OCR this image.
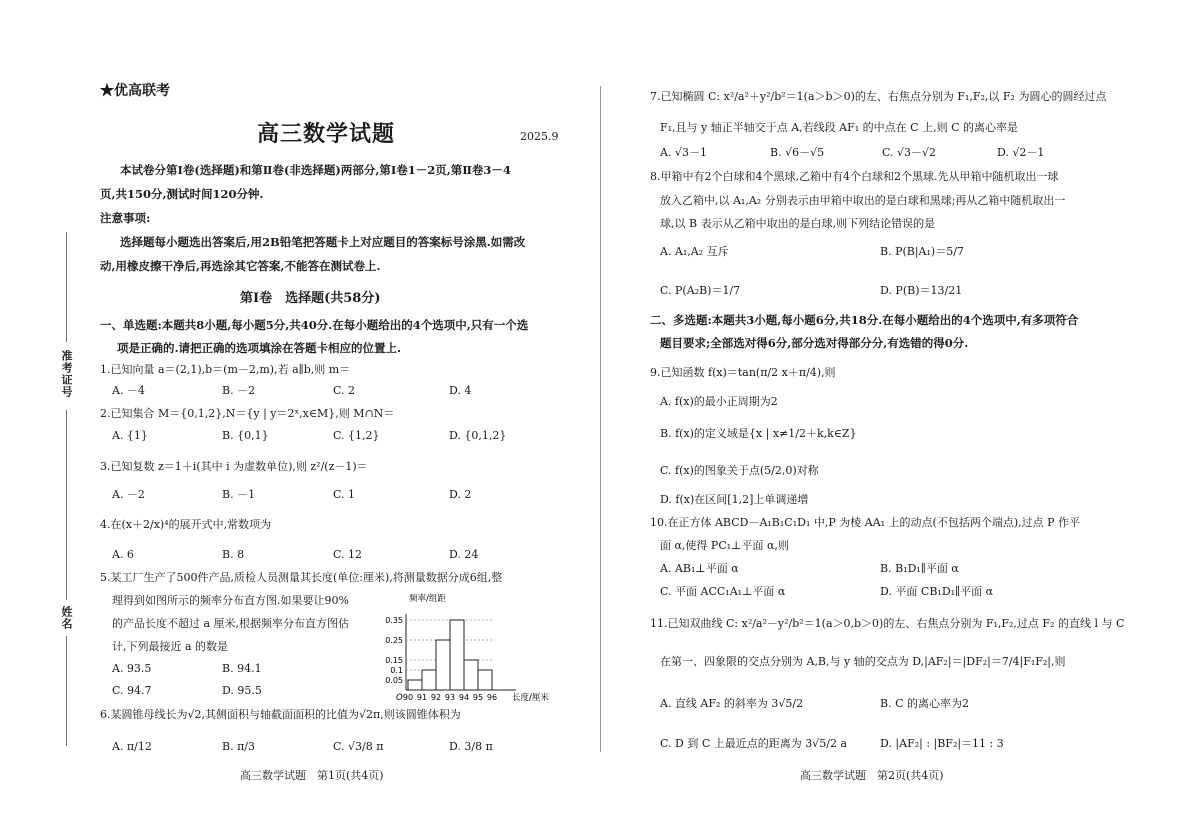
★优高联考
高三数学试题	2025.9
本试卷分第Ⅰ卷(选择题)和第Ⅱ卷(非选择题)两部分,第Ⅰ卷1－2页,第Ⅱ卷3－4
页,共150分,测试时间120分钟.
注意事项:
选择题每小题选出答案后,用2B铅笔把答题卡上对应题目的答案标号涂黑.如需改
动,用橡皮擦干净后,再选涂其它答案,不能答在测试卷上.
第Ⅰ卷　选择题(共58分)
一、单选题:本题共8小题,每小题5分,共40分.在每小题给出的4个选项中,只有一个选
项是正确的.请把正确的选项填涂在答题卡相应的位置上.
1.已知向量 a＝(2,1),b＝(m－2,m),若 a∥b,则 m＝
A. －4	B. －2	C. 2	D. 4
2.已知集合 M＝{0,1,2},N＝{y | y＝2ˣ,x∈M},则 M∩N＝
A. {1}	B. {0,1}	C. {1,2}	D. {0,1,2}
3.已知复数 z＝1＋i(其中 i 为虚数单位),则 z²/(z－1)＝
A. －2	B. －1	C. 1	D. 2
4.在(x＋2/x)⁴的展开式中,常数项为
A. 6	B. 8	C. 12	D. 24
5.某工厂生产了500件产品,质检人员测量其长度(单位:厘米),将测量数据分成6组,整
理得到如图所示的频率分布直方图.如果要让90%
的产品长度不超过 a 厘米,根据频率分布直方图估
计,下列最接近 a 的数是
A. 93.5	B. 94.1
C. 94.7	D. 95.5
频率/组距
长度/厘米
O
0.05
0.1
0.15
0.25
0.35
90 91 92 93 94 95 96
6.某圆锥母线长为√2,其侧面积与轴截面面积的比值为√2π,则该圆锥体积为
A. π/12	B. π/3	C. √3/8 π	D. 3/8 π
高三数学试题　第1页(共4页)
准考证号
姓名
7.已知椭圆 C: x²/a²＋y²/b²＝1(a＞b＞0)的左、右焦点分别为 F₁,F₂,以 F₂ 为圆心的圆经过点
F₁,且与 y 轴正半轴交于点 A,若线段 AF₁ 的中点在 C 上,则 C 的离心率是
A. √3－1	B. √6－√5	C. √3－√2	D. √2－1
8.甲箱中有2个白球和4个黑球,乙箱中有4个白球和2个黑球.先从甲箱中随机取出一球
放入乙箱中,以 A₁,A₂ 分别表示由甲箱中取出的是白球和黑球;再从乙箱中随机取出一
球,以 B 表示从乙箱中取出的是白球,则下列结论错误的是
A. A₁,A₂ 互斥	B. P(B|A₁)＝5/7
C. P(A₂B)＝1/7	D. P(B)＝13/21
二、多选题:本题共3小题,每小题6分,共18分.在每小题给出的4个选项中,有多项符合
题目要求;全部选对得6分,部分选对得部分分,有选错的得0分.
9.已知函数 f(x)＝tan(π/2 x＋π/4),则
A. f(x)的最小正周期为2
B. f(x)的定义域是{x | x≠1/2＋k,k∈Z}
C. f(x)的图象关于点(5/2,0)对称
D. f(x)在区间[1,2]上单调递增
10.在正方体 ABCD－A₁B₁C₁D₁ 中,P 为棱 AA₁ 上的动点(不包括两个端点),过点 P 作平
面 α,使得 PC₁⊥平面 α,则
A. AB₁⊥平面 α	B. B₁D₁∥平面 α
C. 平面 ACC₁A₁⊥平面 α	D. 平面 CB₁D₁∥平面 α
11.已知双曲线 C: x²/a²－y²/b²＝1(a＞0,b＞0)的左、右焦点分别为 F₁,F₂,过点 F₂ 的直线 l 与 C
在第一、四象限的交点分别为 A,B,与 y 轴的交点为 D,|AF₂|＝|DF₂|＝7/4|F₁F₂|,则
A. 直线 AF₂ 的斜率为 3√5/2	B. C 的离心率为2
C. D 到 C 上最近点的距离为 3√5/2 a	D. |AF₂| : |BF₂|＝11 : 3
高三数学试题　第2页(共4页)
